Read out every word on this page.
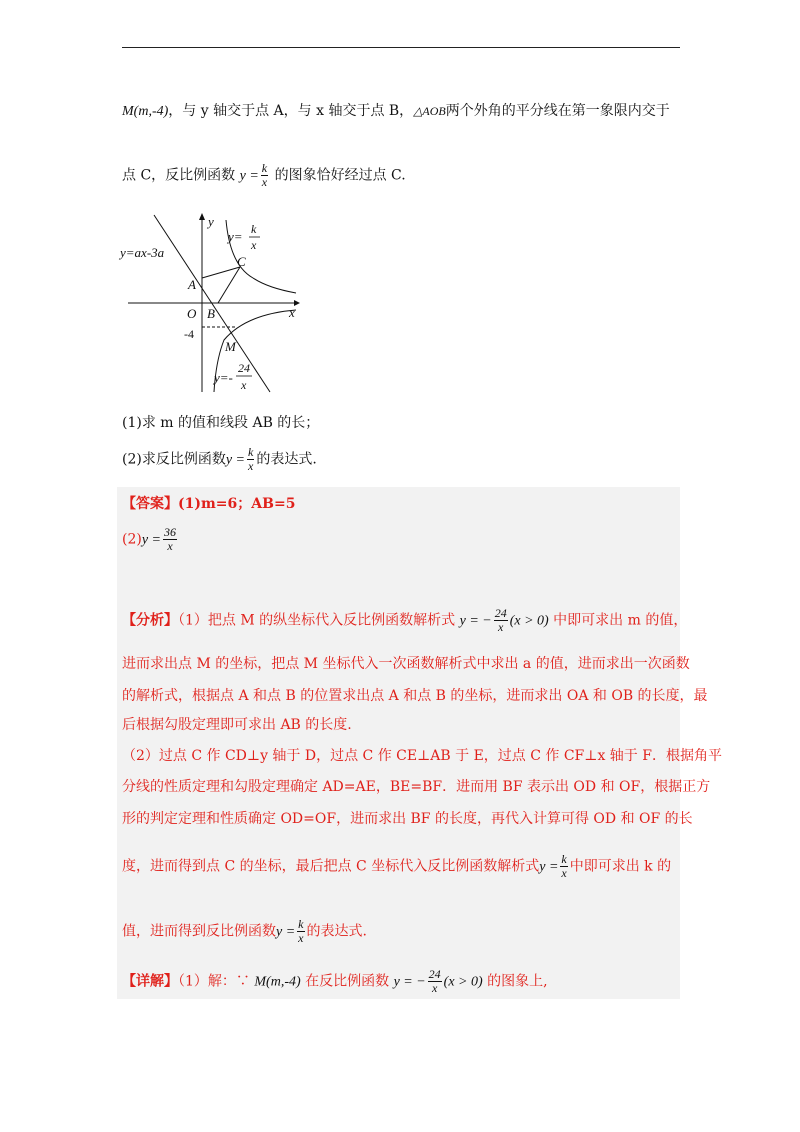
M(m,-4)，与 y 轴交于点 A，与 x 轴交于点 B，△AOB两个外角的平分线在第一象限内交于
点 C，反比例函数 $y = \frac{k}{x}$ 的图象恰好经过点 C.
y
x
y=ax-3a
y= k
x
y=-
24
x
A
B
C
O
M
-4
(1)求 m 的值和线段 AB 的长；
(2)求反比例函数$y = \frac{k}{x}$ 的表达式.
【答案】(1)m=6；AB=5
$(2)y = \frac{36}{x}$
【分析】（1）把点 M 的纵坐标代入反比例函数解析式 y = − $\frac{24}{x} (x > 0)$ 中即可求出 m 的值，
进而求出点 M 的坐标，把点 M 坐标代入一次函数解析式中求出 a 的值，进而求出一次函数
的解析式，根据点 A 和点 B 的位置求出点 A 和点 B 的坐标，进而求出 OA 和 OB 的长度，最
后根据勾股定理即可求出 AB 的长度.
（2）过点 C 作 CD⊥y 轴于 D，过点 C 作 CE⊥AB 于 E，过点 C 作 CF⊥x 轴于 F．根据角平
分线的性质定理和勾股定理确定 AD=AE，BE=BF．进而用 BF 表示出 OD 和 OF，根据正方
形的判定定理和性质确定 OD=OF，进而求出 BF 的长度，再代入计算可得 OD 和 OF 的长
度，进而得到点 C 的坐标，最后把点 C 坐标代入反比例函数解析式$y = \frac{k}{x}$ 中即可求出 k 的
值，进而得到反比例函数$y = \frac{k}{x}$ 的表达式.
【详解】（1）解：∵ M(m,-4) 在反比例函数 y = − $\frac{24}{x} (x > 0)$ 的图象上,
